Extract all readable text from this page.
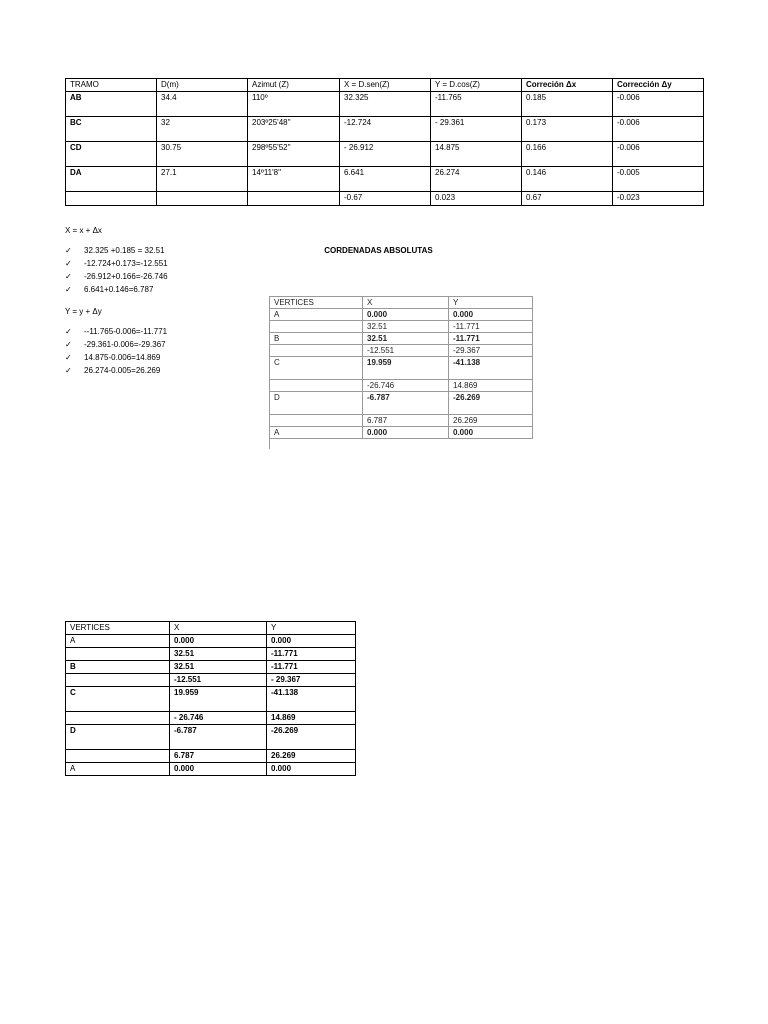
TRAMO	D(m)	Azimut (Z)	X = D.sen(Z)	Y = D.cos(Z)	Correción Δx	Corrección Δy
AB	34.4	110º	32.325	-11.765	0.185	-0.006
BC	32	203º25'48''	-12.724	- 29.361	0.173	-0.006
CD	30.75	298º55'52''	- 26.912	14.875	0.166	-0.006
DA	27.1	14º11'8''	6.641	26.274	0.146	-0.005
			-0.67	0.023	0.67	-0.023
X = x + Δx
✓ 32.325 +0.185 = 32.51
✓ -12.724+0.173=-12.551
✓ -26.912+0.166=-26.746
✓ 6.641+0.146=6.787
Y = y + Δy
✓ --11.765-0.006=-11.771
✓ -29.361-0.006=-29.367
✓ 14.875-0.006=14.869
✓ 26.274-0.005=26.269
CORDENADAS ABSOLUTAS
VERTICES	X	Y
A	0.000	0.000
	32.51	-11.771
B	32.51	-11.771
	-12.551	-29.367
C	19.959	-41.138
	-26.746	14.869
D	-6.787	-26.269
	6.787	26.269
A	0.000	0.000
VERTICES	X	Y
A	0.000	0.000
	32.51	-11.771
B	32.51	-11.771
	-12.551	- 29.367
C	19.959	-41.138
	- 26.746	14.869
D	-6.787	-26.269
	6.787	26.269
A	0.000	0.000
